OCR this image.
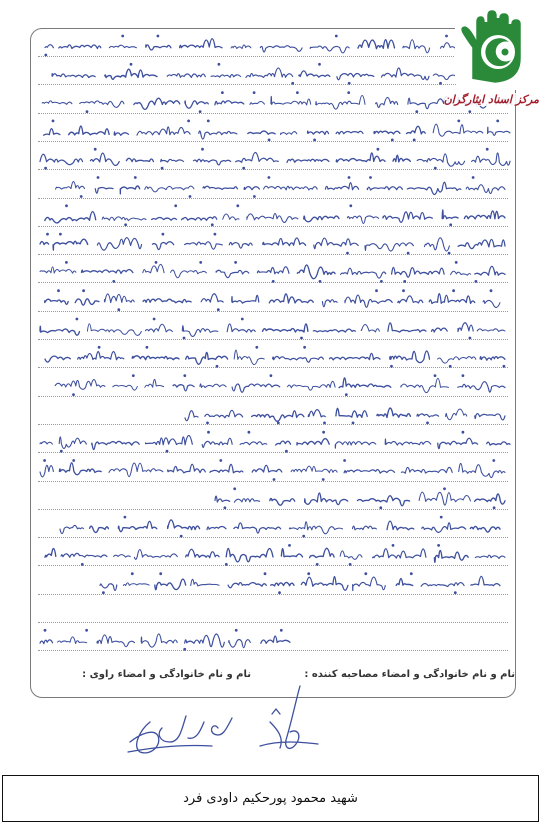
مرکز اسناد ایثارگران
نام و نام خانوادگی و امضاء مصاحبه کننده :
نام و نام خانوادگی و امضاء راوی :
شهید محمود پورحکیم داودی فرد
